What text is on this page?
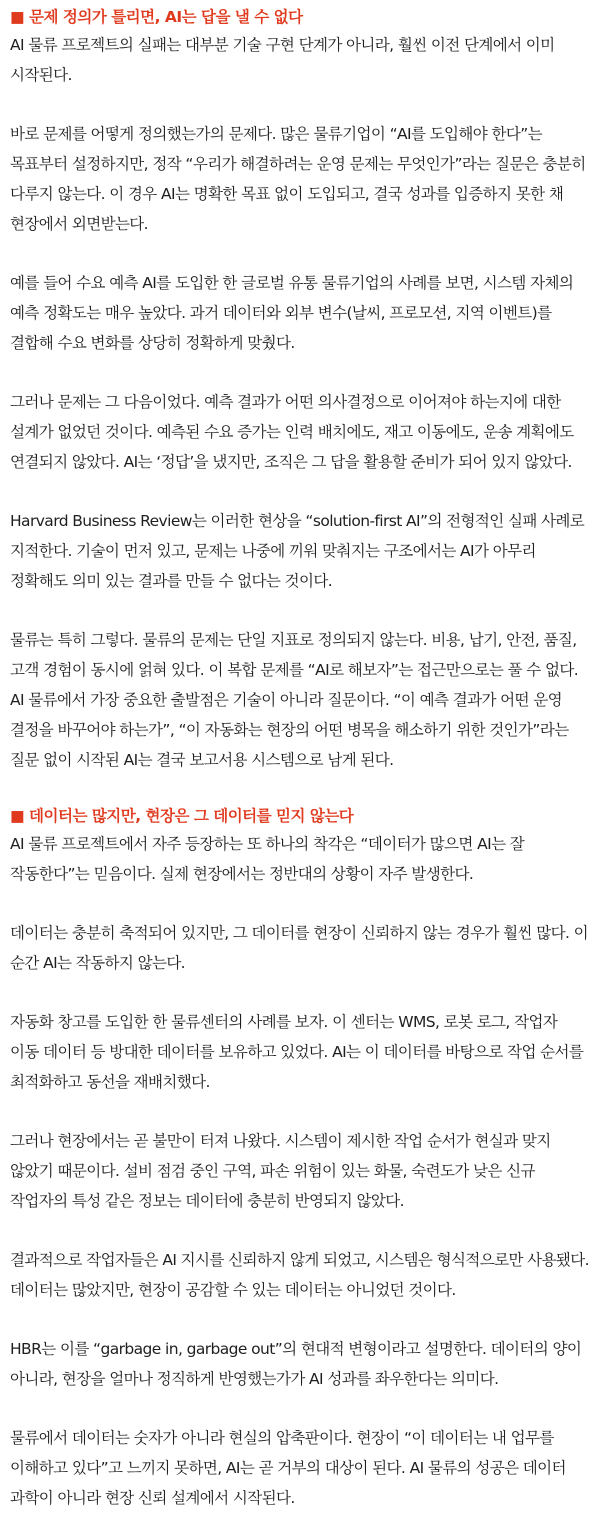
■ 문제 정의가 틀리면, AI는 답을 낼 수 없다

AI 물류 프로젝트의 실패는 대부분 기술 구현 단계가 아니라, 훨씬 이전 단계에서 이미 시작된다.

바로 문제를 어떻게 정의했는가의 문제다. 많은 물류기업이 “AI를 도입해야 한다”는 목표부터 설정하지만, 정작 “우리가 해결하려는 운영 문제는 무엇인가”라는 질문은 충분히 다루지 않는다. 이 경우 AI는 명확한 목표 없이 도입되고, 결국 성과를 입증하지 못한 채 현장에서 외면받는다.

예를 들어 수요 예측 AI를 도입한 한 글로벌 유통 물류기업의 사례를 보면, 시스템 자체의 예측 정확도는 매우 높았다. 과거 데이터와 외부 변수(날씨, 프로모션, 지역 이벤트)를 결합해 수요 변화를 상당히 정확하게 맞췄다.

그러나 문제는 그 다음이었다. 예측 결과가 어떤 의사결정으로 이어져야 하는지에 대한 설계가 없었던 것이다. 예측된 수요 증가는 인력 배치에도, 재고 이동에도, 운송 계획에도 연결되지 않았다. AI는 ‘정답’을 냈지만, 조직은 그 답을 활용할 준비가 되어 있지 않았다.

Harvard Business Review는 이러한 현상을 “solution-first AI”의 전형적인 실패 사례로 지적한다. 기술이 먼저 있고, 문제는 나중에 끼워 맞춰지는 구조에서는 AI가 아무리 정확해도 의미 있는 결과를 만들 수 없다는 것이다.

물류는 특히 그렇다. 물류의 문제는 단일 지표로 정의되지 않는다. 비용, 납기, 안전, 품질, 고객 경험이 동시에 얽혀 있다. 이 복합 문제를 “AI로 해보자”는 접근만으로는 풀 수 없다.

AI 물류에서 가장 중요한 출발점은 기술이 아니라 질문이다. “이 예측 결과가 어떤 운영 결정을 바꾸어야 하는가”, “이 자동화는 현장의 어떤 병목을 해소하기 위한 것인가”라는 질문 없이 시작된 AI는 결국 보고서용 시스템으로 남게 된다.

■ 데이터는 많지만, 현장은 그 데이터를 믿지 않는다

AI 물류 프로젝트에서 자주 등장하는 또 하나의 착각은 “데이터가 많으면 AI는 잘 작동한다”는 믿음이다. 실제 현장에서는 정반대의 상황이 자주 발생한다.

데이터는 충분히 축적되어 있지만, 그 데이터를 현장이 신뢰하지 않는 경우가 훨씬 많다. 이 순간 AI는 작동하지 않는다.

자동화 창고를 도입한 한 물류센터의 사례를 보자. 이 센터는 WMS, 로봇 로그, 작업자 이동 데이터 등 방대한 데이터를 보유하고 있었다. AI는 이 데이터를 바탕으로 작업 순서를 최적화하고 동선을 재배치했다.

그러나 현장에서는 곧 불만이 터져 나왔다. 시스템이 제시한 작업 순서가 현실과 맞지 않았기 때문이다. 설비 점검 중인 구역, 파손 위험이 있는 화물, 숙련도가 낮은 신규 작업자의 특성 같은 정보는 데이터에 충분히 반영되지 않았다.

결과적으로 작업자들은 AI 지시를 신뢰하지 않게 되었고, 시스템은 형식적으로만 사용됐다. 데이터는 많았지만, 현장이 공감할 수 있는 데이터는 아니었던 것이다.

HBR는 이를 “garbage in, garbage out”의 현대적 변형이라고 설명한다. 데이터의 양이 아니라, 현장을 얼마나 정직하게 반영했는가가 AI 성과를 좌우한다는 의미다.

물류에서 데이터는 숫자가 아니라 현실의 압축판이다. 현장이 “이 데이터는 내 업무를 이해하고 있다”고 느끼지 못하면, AI는 곧 거부의 대상이 된다. AI 물류의 성공은 데이터 과학이 아니라 현장 신뢰 설계에서 시작된다.
